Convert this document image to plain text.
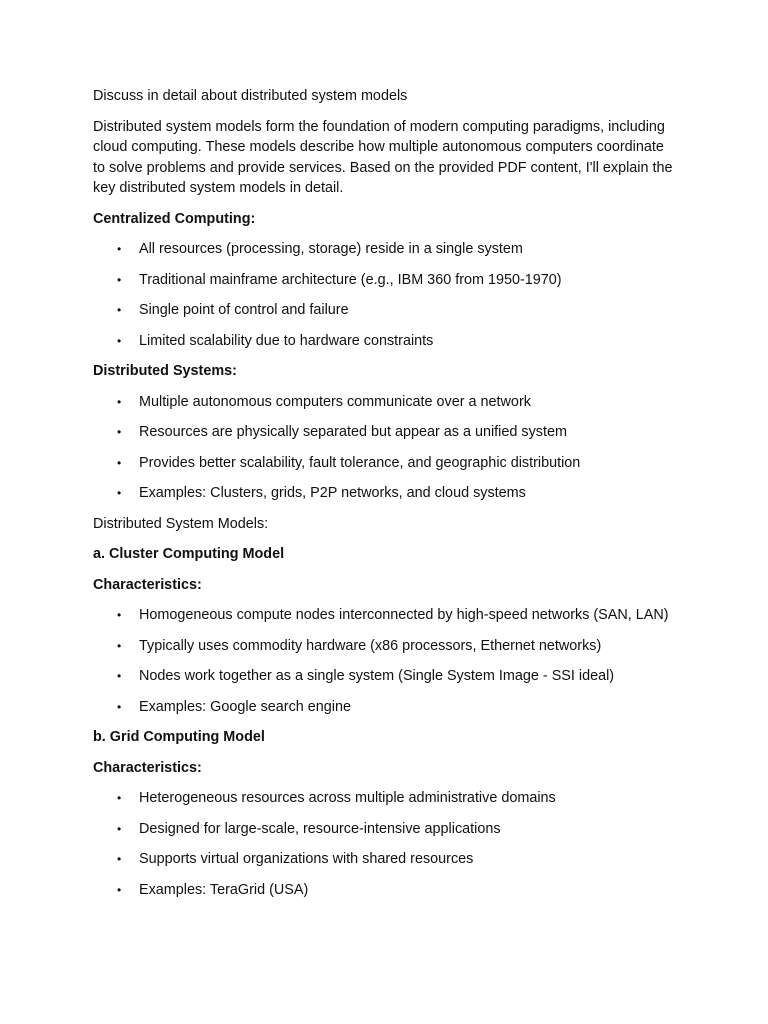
Discuss in detail about distributed system models

Distributed system models form the foundation of modern computing paradigms, including cloud computing. These models describe how multiple autonomous computers coordinate to solve problems and provide services. Based on the provided PDF content, I'll explain the key distributed system models in detail.

Centralized Computing:

• All resources (processing, storage) reside in a single system
• Traditional mainframe architecture (e.g., IBM 360 from 1950-1970)
• Single point of control and failure
• Limited scalability due to hardware constraints

Distributed Systems:

• Multiple autonomous computers communicate over a network
• Resources are physically separated but appear as a unified system
• Provides better scalability, fault tolerance, and geographic distribution
• Examples: Clusters, grids, P2P networks, and cloud systems

Distributed System Models:

a. Cluster Computing Model

Characteristics:

• Homogeneous compute nodes interconnected by high-speed networks (SAN, LAN)
• Typically uses commodity hardware (x86 processors, Ethernet networks)
• Nodes work together as a single system (Single System Image - SSI ideal)
• Examples: Google search engine

b. Grid Computing Model

Characteristics:

• Heterogeneous resources across multiple administrative domains
• Designed for large-scale, resource-intensive applications
• Supports virtual organizations with shared resources
• Examples: TeraGrid (USA)
